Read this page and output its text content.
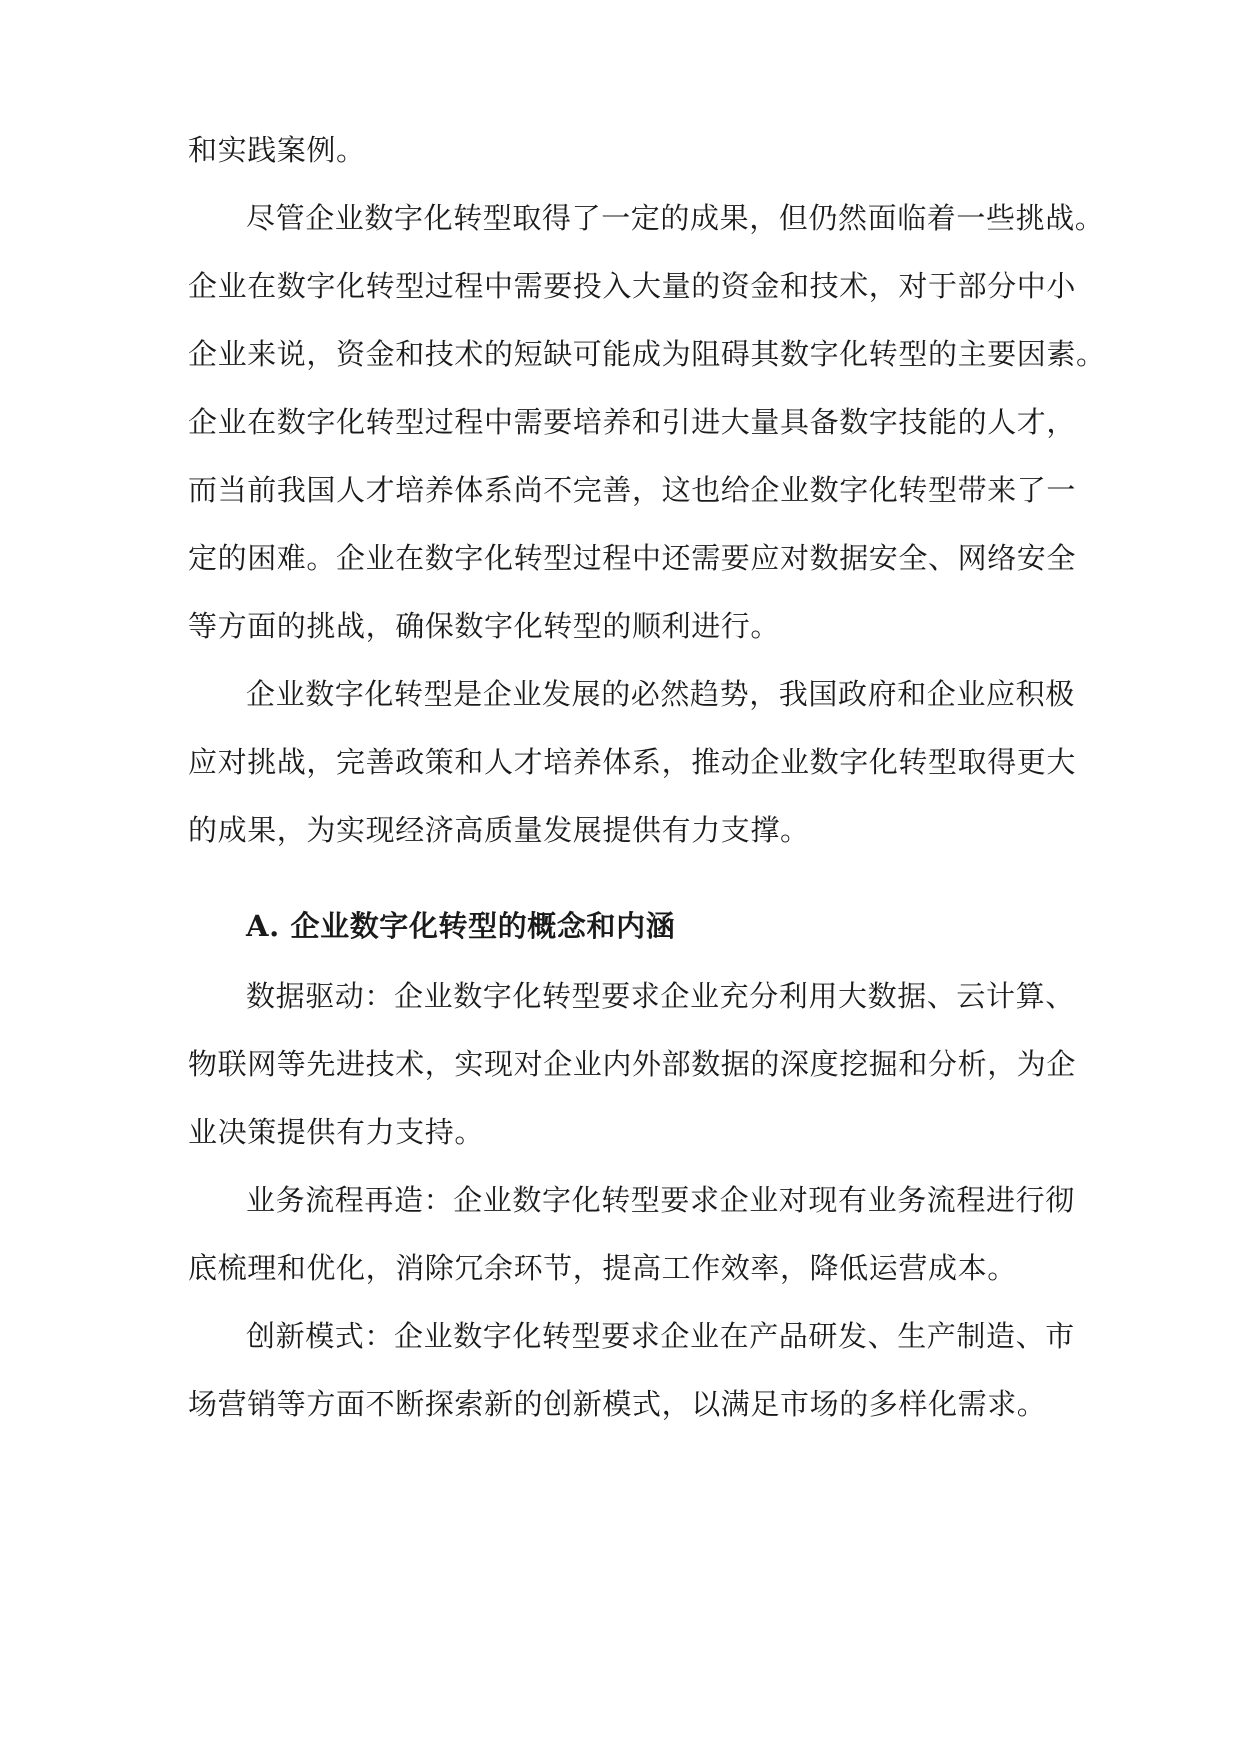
和实践案例。
尽管企业数字化转型取得了一定的成果，但仍然面临着一些挑战。
企业在数字化转型过程中需要投入大量的资金和技术，对于部分中小
企业来说，资金和技术的短缺可能成为阻碍其数字化转型的主要因素。
企业在数字化转型过程中需要培养和引进大量具备数字技能的人才，
而当前我国人才培养体系尚不完善，这也给企业数字化转型带来了一
定的困难。企业在数字化转型过程中还需要应对数据安全、网络安全
等方面的挑战，确保数字化转型的顺利进行。
企业数字化转型是企业发展的必然趋势，我国政府和企业应积极
应对挑战，完善政策和人才培养体系，推动企业数字化转型取得更大
的成果，为实现经济高质量发展提供有力支撑。
A. 企业数字化转型的概念和内涵
数据驱动：企业数字化转型要求企业充分利用大数据、云计算、
物联网等先进技术，实现对企业内外部数据的深度挖掘和分析，为企
业决策提供有力支持。
业务流程再造：企业数字化转型要求企业对现有业务流程进行彻
底梳理和优化，消除冗余环节，提高工作效率，降低运营成本。
创新模式：企业数字化转型要求企业在产品研发、生产制造、市
场营销等方面不断探索新的创新模式，以满足市场的多样化需求。
